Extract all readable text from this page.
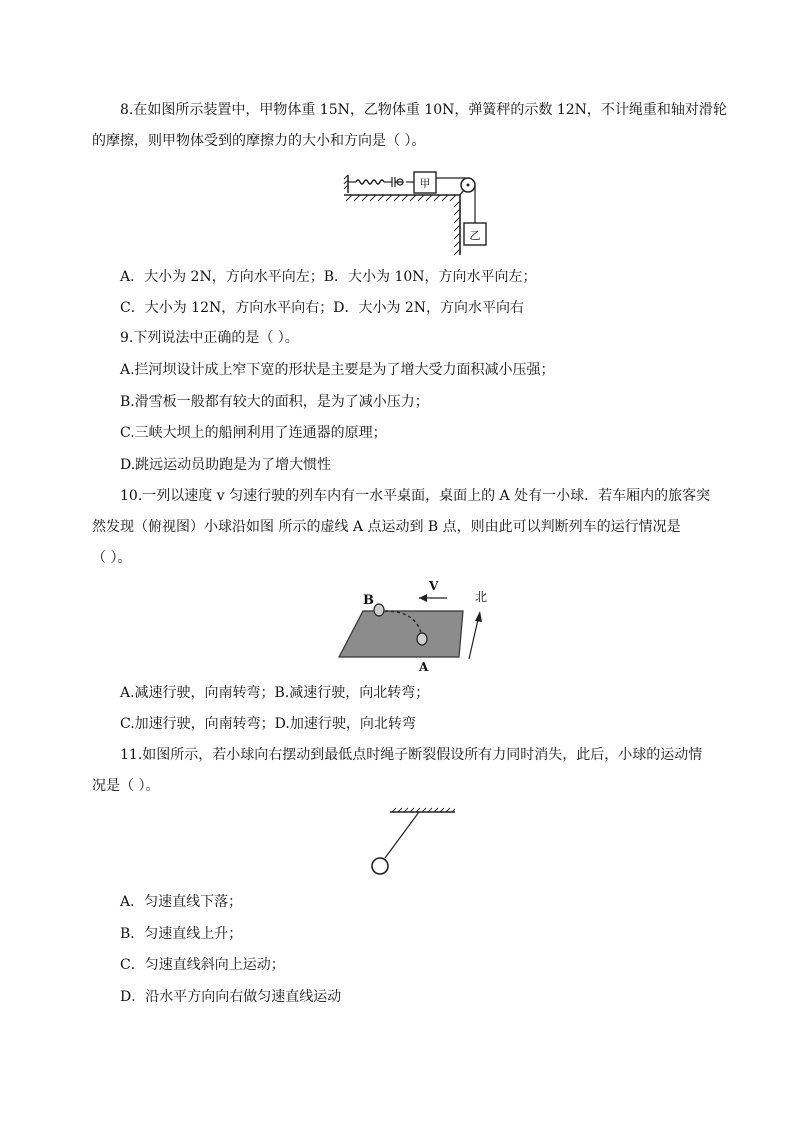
8.在如图所示装置中，甲物体重 15N，乙物体重 10N，弹簧秤的示数 12N，不计绳重和轴对滑轮
的摩擦，则甲物体受到的摩擦力的大小和方向是（ ）。
甲
乙
A．大小为 2N，方向水平向左；B．大小为 10N，方向水平向左；
C．大小为 12N，方向水平向右；D．大小为 2N，方向水平向右
9.下列说法中正确的是（ ）。
A.拦河坝设计成上窄下宽的形状是主要是为了增大受力面积减小压强；
B.滑雪板一般都有较大的面积，是为了减小压力；
C.三峡大坝上的船闸利用了连通器的原理；
D.跳远运动员助跑是为了增大惯性
10.一列以速度 v 匀速行驶的列车内有一水平桌面，桌面上的 A 处有一小球．若车厢内的旅客突
然发现（俯视图）小球沿如图 所示的虚线 A 点运动到 B 点，则由此可以判断列车的运行情况是
（ ）。
B
A
V
北
A.减速行驶，向南转弯；B.减速行驶，向北转弯；
C.加速行驶，向南转弯；D.加速行驶，向北转弯
11.如图所示，若小球向右摆动到最低点时绳子断裂假设所有力同时消失，此后，小球的运动情
况是（ ）。
A．匀速直线下落；
B．匀速直线上升；
C．匀速直线斜向上运动；
D．沿水平方向向右做匀速直线运动
